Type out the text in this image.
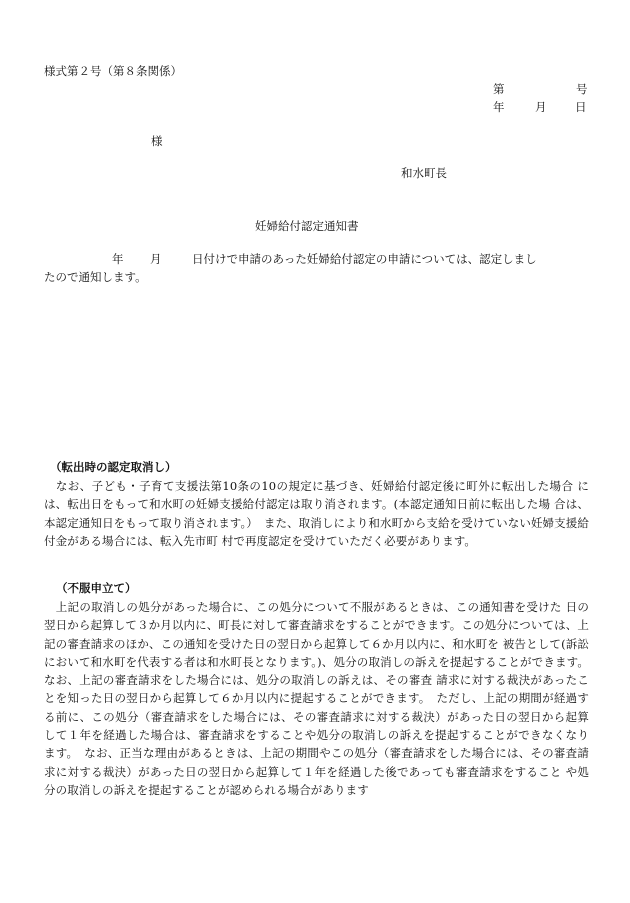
様式第２号（第８条関係）
第	号
年	月 日
様
和水町長
妊婦給付認定通知書
年 月	日付けで申請のあった妊婦給付認定の申請については、認定しまし
たので通知します。
（転出時の認定取消し）
　なお、子ども・子育て支援法第10条の10の規定に基づき、妊婦給付認定後に町外に転出した場合 には、転出日をもって和水町の妊婦支援給付認定は取り消されます。(本認定通知日前に転出した場 合は、本認定通知日をもって取り消されます。）　また、取消しにより和水町から支給を受けていない妊婦支援給付金がある場合には、転入先市町 村で再度認定を受けていただく必要があります。
（不服申立て）
　上記の取消しの処分があった場合に、この処分について不服があるときは、この通知書を受けた 日の翌日から起算して３か月以内に、町長に対して審査請求をすることができます。この処分については、上記の審査請求のほか、この通知を受けた日の翌日から起算して６か月以内に、和水町を 被告として(訴訟において和水町を代表する者は和水町長となります。)、処分の取消しの訴えを提起することができます。なお、上記の審査請求をした場合には、処分の取消しの訴えは、その審査 請求に対する裁決があったことを知った日の翌日から起算して６か月以内に提起することができます。　ただし、上記の期間が経過する前に、この処分（審査請求をした場合には、その審査請求に対する裁決）があった日の翌日から起算して１年を経過した場合は、審査請求をすることや処分の取消しの訴えを提起することができなくなります。　なお、正当な理由があるときは、上記の期間やこの処分（審査請求をした場合には、その審査請 求に対する裁決）があった日の翌日から起算して１年を経過した後であっても審査請求をすること や処分の取消しの訴えを提起することが認められる場合があります
